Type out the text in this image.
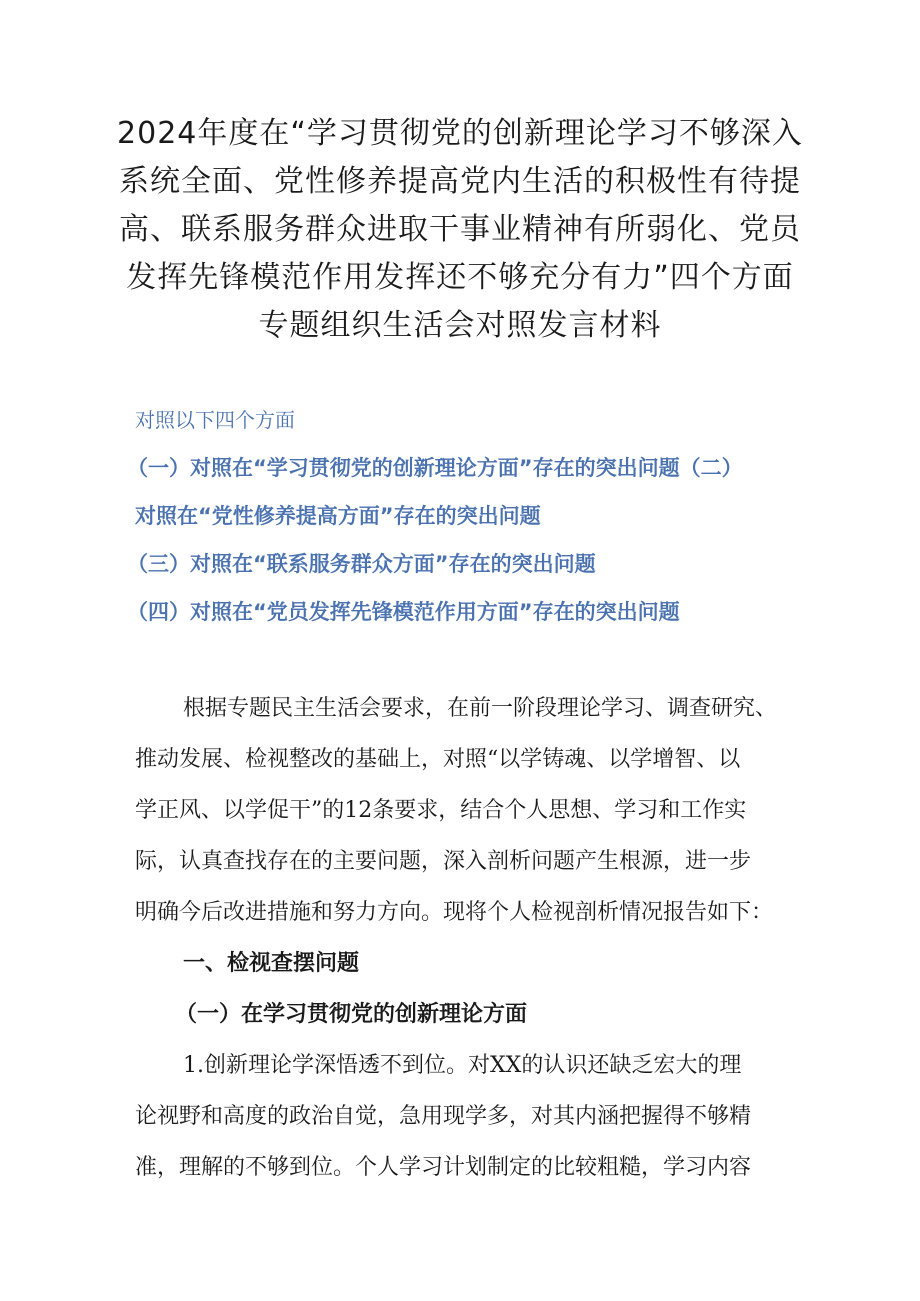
2024年度在“学习贯彻党的创新理论学习不够深入
系统全面、党性修养提高党内生活的积极性有待提
高、联系服务群众进取干事业精神有所弱化、党员
发挥先锋模范作用发挥还不够充分有力”四个方面
专题组织生活会对照发言材料
对照以下四个方面
（一）对照在“学习贯彻党的创新理论方面”存在的突出问题（二）
对照在“党性修养提高方面”存在的突出问题
（三）对照在“联系服务群众方面”存在的突出问题
（四）对照在“党员发挥先锋模范作用方面”存在的突出问题
根据专题民主生活会要求，在前一阶段理论学习、调查研究、
推动发展、检视整改的基础上，对照“以学铸魂、以学增智、以
学正风、以学促干”的12条要求，结合个人思想、学习和工作实
际，认真查找存在的主要问题，深入剖析问题产生根源，进一步
明确今后改进措施和努力方向。现将个人检视剖析情况报告如下：
一、检视查摆问题
（一）在学习贯彻党的创新理论方面
1.创新理论学深悟透不到位。对XX的认识还缺乏宏大的理
论视野和高度的政治自觉，急用现学多，对其内涵把握得不够精
准，理解的不够到位。个人学习计划制定的比较粗糙，学习内容
